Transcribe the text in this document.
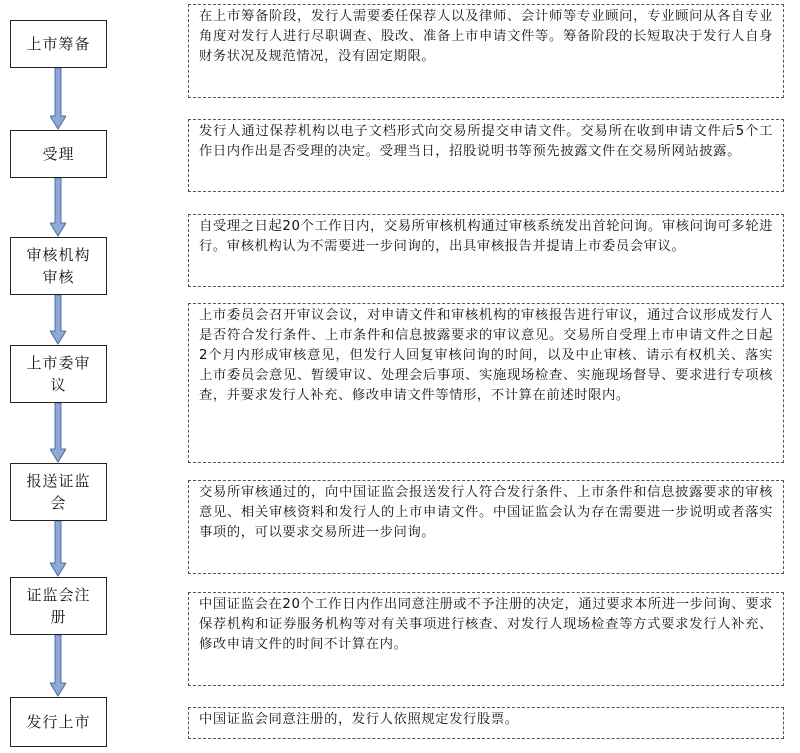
上市筹备
受理
审核机构审核
上市委审议
报送证监会
证监会注册
发行上市
在上市筹备阶段，发行人需要委任保荐人以及律师、会计师等专业顾问，专业顾问从各自专业角度对发行人进行尽职调查、股改、准备上市申请文件等。筹备阶段的长短取决于发行人自身财务状况及规范情况，没有固定期限。
发行人通过保荐机构以电子文档形式向交易所提交申请文件。交易所在收到申请文件后5个工作日内作出是否受理的决定。受理当日，招股说明书等预先披露文件在交易所网站披露。
自受理之日起20个工作日内，交易所审核机构通过审核系统发出首轮问询。审核问询可多轮进行。审核机构认为不需要进一步问询的，出具审核报告并提请上市委员会审议。
上市委员会召开审议会议，对申请文件和审核机构的审核报告进行审议，通过合议形成发行人是否符合发行条件、上市条件和信息披露要求的审议意见。交易所自受理上市申请文件之日起2个月内形成审核意见，但发行人回复审核问询的时间，以及中止审核、请示有权机关、落实上市委员会意见、暂缓审议、处理会后事项、实施现场检查、实施现场督导、要求进行专项核查，并要求发行人补充、修改申请文件等情形，不计算在前述时限内。
交易所审核通过的，向中国证监会报送发行人符合发行条件、上市条件和信息披露要求的审核意见、相关审核资料和发行人的上市申请文件。中国证监会认为存在需要进一步说明或者落实事项的，可以要求交易所进一步问询。
中国证监会在20个工作日内作出同意注册或不予注册的决定，通过要求本所进一步问询、要求保荐机构和证券服务机构等对有关事项进行核查、对发行人现场检查等方式要求发行人补充、修改申请文件的时间不计算在内。
中国证监会同意注册的，发行人依照规定发行股票。
